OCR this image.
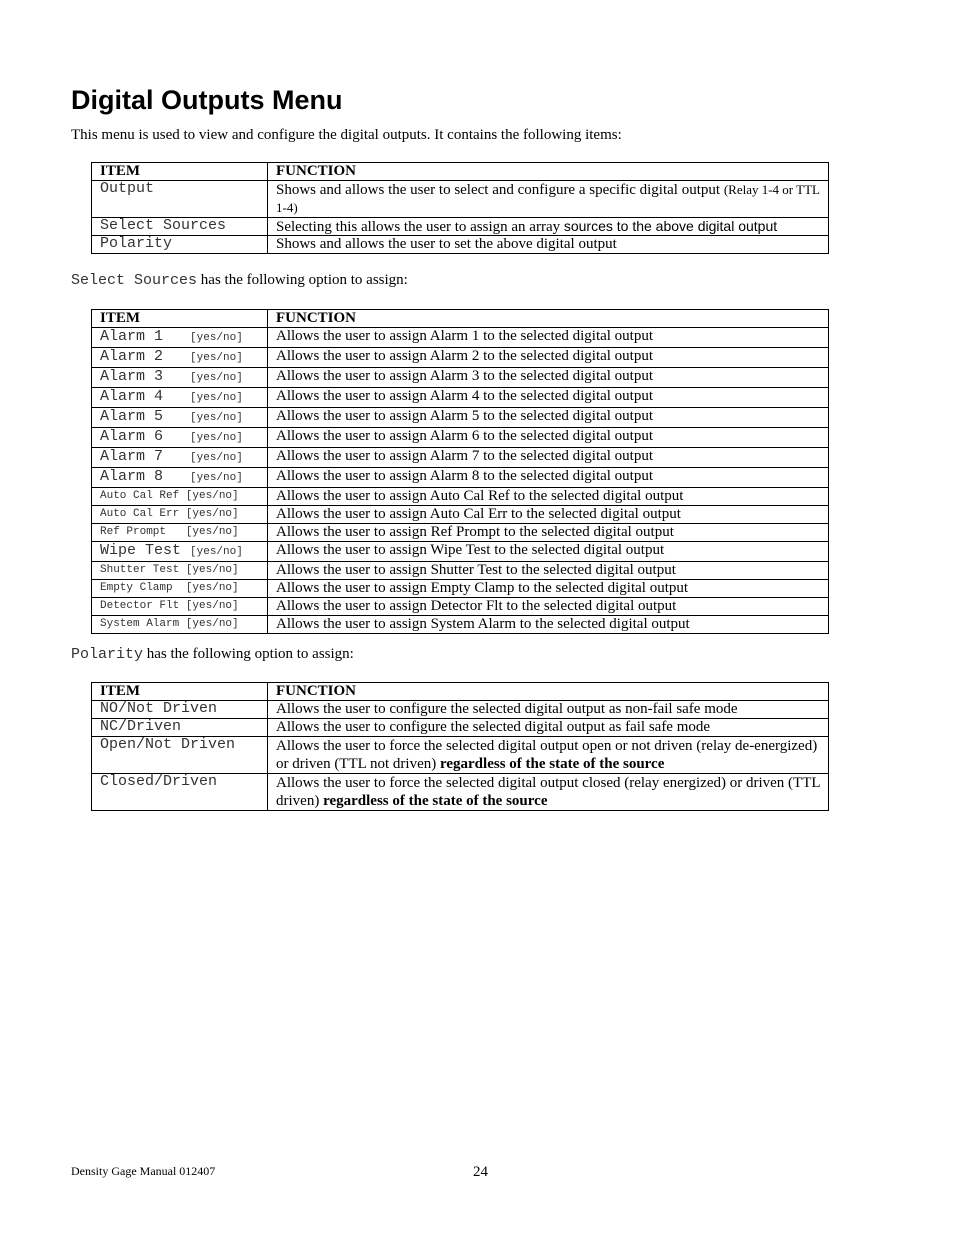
Digital Outputs Menu

This menu is used to view and configure the digital outputs. It contains the following items:

ITEM	FUNCTION
Output	Shows and allows the user to select and configure a specific digital output (Relay 1-4 or TTL 1-4)
Select Sources	Selecting this allows the user to assign an array sources to the above digital output
Polarity	Shows and allows the user to set the above digital output

Select Sources has the following option to assign:

ITEM	FUNCTION
Alarm 1   [yes/no]	Allows the user to assign Alarm 1 to the selected digital output
Alarm 2   [yes/no]	Allows the user to assign Alarm 2 to the selected digital output
Alarm 3   [yes/no]	Allows the user to assign Alarm 3 to the selected digital output
Alarm 4   [yes/no]	Allows the user to assign Alarm 4 to the selected digital output
Alarm 5   [yes/no]	Allows the user to assign Alarm 5 to the selected digital output
Alarm 6   [yes/no]	Allows the user to assign Alarm 6 to the selected digital output
Alarm 7   [yes/no]	Allows the user to assign Alarm 7 to the selected digital output
Alarm 8   [yes/no]	Allows the user to assign Alarm 8 to the selected digital output
Auto Cal Ref [yes/no]	Allows the user to assign Auto Cal Ref to the selected digital output
Auto Cal Err [yes/no]	Allows the user to assign Auto Cal Err to the selected digital output
Ref Prompt   [yes/no]	Allows the user to assign Ref Prompt to the selected digital output
Wipe Test [yes/no]	Allows the user to assign Wipe Test to the selected digital output
Shutter Test [yes/no]	Allows the user to assign Shutter Test to the selected digital output
Empty Clamp  [yes/no]	Allows the user to assign Empty Clamp to the selected digital output
Detector Flt [yes/no]	Allows the user to assign Detector Flt to the selected digital output
System Alarm [yes/no]	Allows the user to assign System Alarm to the selected digital output

Polarity has the following option to assign:

ITEM	FUNCTION
NO/Not Driven	Allows the user to configure the selected digital output as non-fail safe mode
NC/Driven	Allows the user to configure the selected digital output as fail safe mode
Open/Not Driven	Allows the user to force the selected digital output open or not driven (relay de-energized) or driven (TTL not driven) regardless of the state of the source
Closed/Driven	Allows the user to force the selected digital output closed (relay energized) or driven (TTL driven) regardless of the state of the source

Density Gage Manual 012407	24
